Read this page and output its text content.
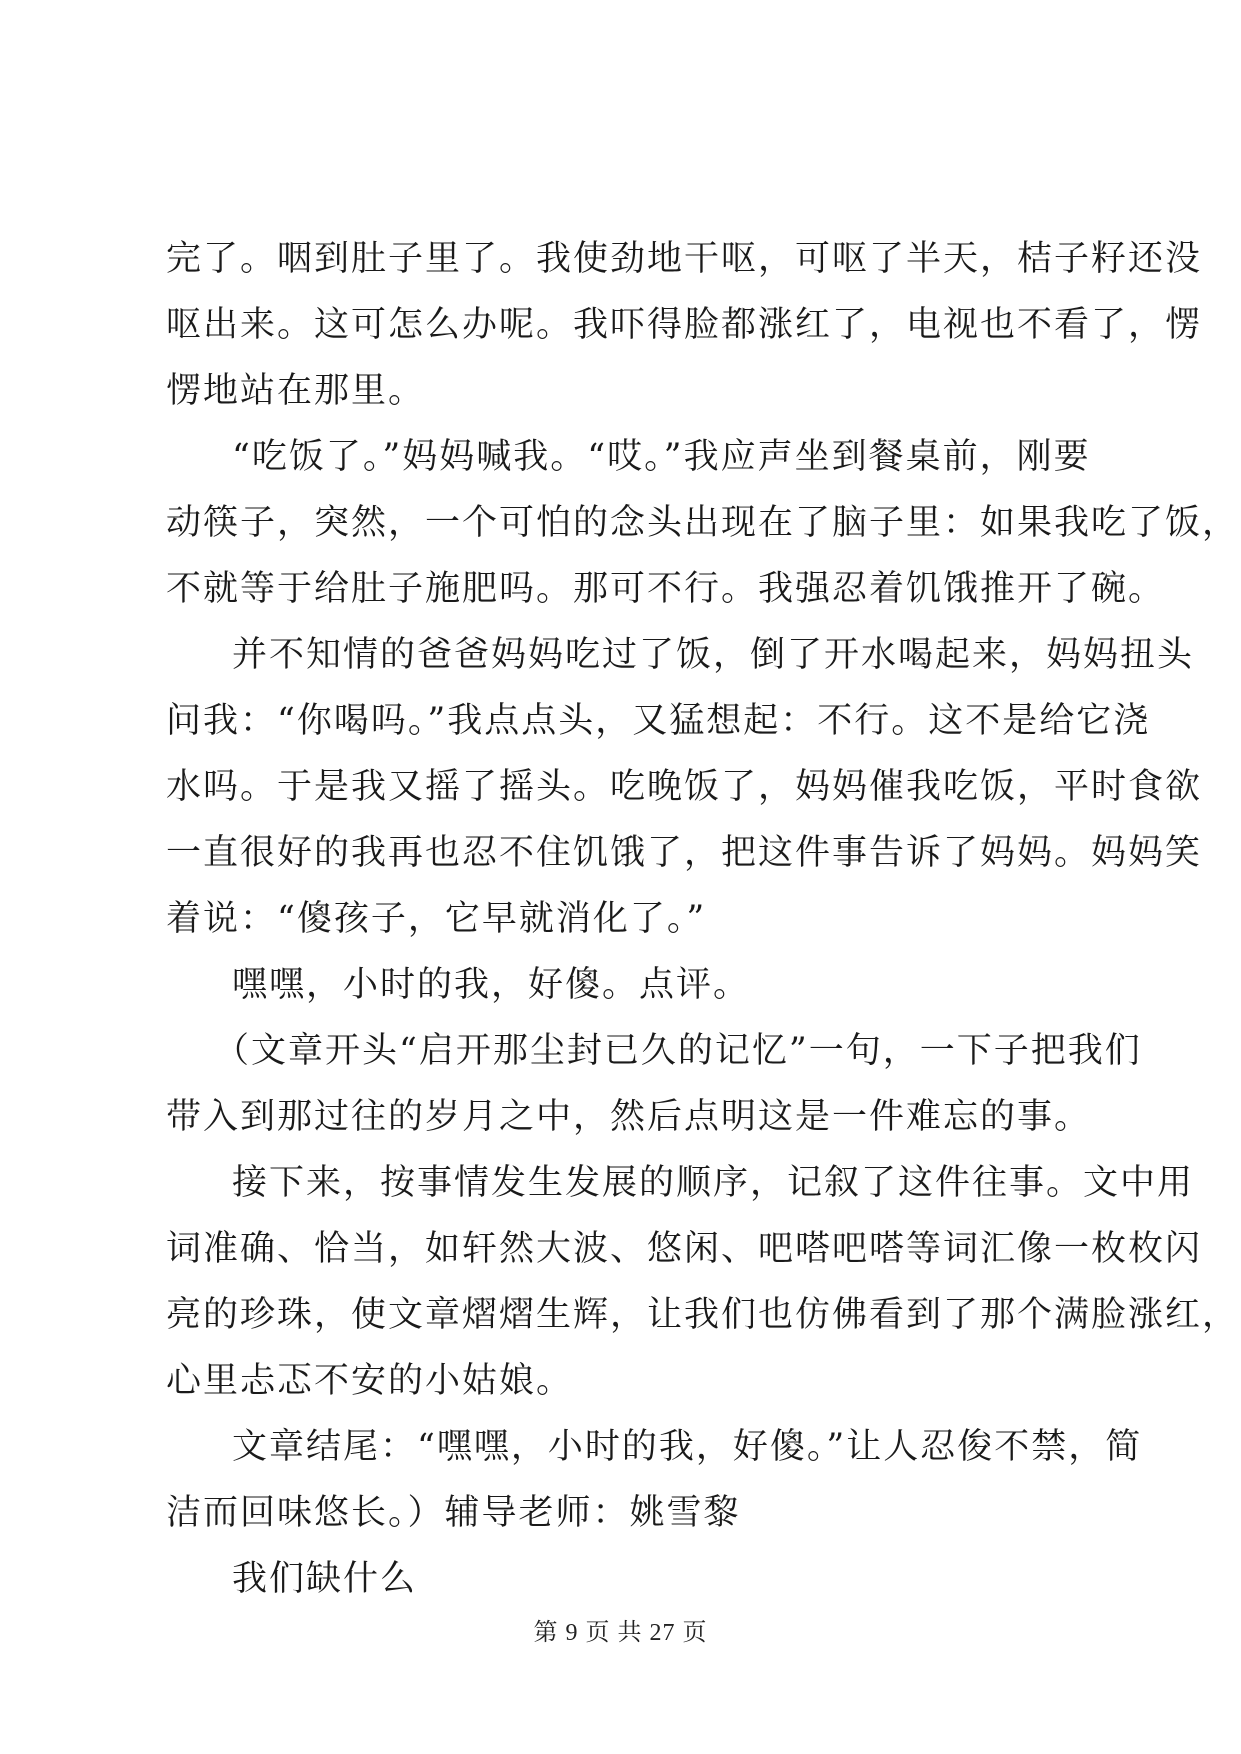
完了。咽到肚子里了。我使劲地干呕，可呕了半天，桔子籽还没
呕出来。这可怎么办呢。我吓得脸都涨红了，电视也不看了，愣
愣地站在那里。
“吃饭了。”妈妈喊我。“哎。”我应声坐到餐桌前，刚要
动筷子，突然，一个可怕的念头出现在了脑子里：如果我吃了饭，
不就等于给肚子施肥吗。那可不行。我强忍着饥饿推开了碗。
并不知情的爸爸妈妈吃过了饭，倒了开水喝起来，妈妈扭头
问我：“你喝吗。”我点点头，又猛想起：不行。这不是给它浇
水吗。于是我又摇了摇头。吃晚饭了，妈妈催我吃饭，平时食欲
一直很好的我再也忍不住饥饿了，把这件事告诉了妈妈。妈妈笑
着说：“傻孩子，它早就消化了。”
嘿嘿，小时的我，好傻。点评。
（文章开头“启开那尘封已久的记忆”一句，一下子把我们
带入到那过往的岁月之中，然后点明这是一件难忘的事。
接下来，按事情发生发展的顺序，记叙了这件往事。文中用
词准确、恰当，如轩然大波、悠闲、吧嗒吧嗒等词汇像一枚枚闪
亮的珍珠，使文章熠熠生辉，让我们也仿佛看到了那个满脸涨红，
心里忐忑不安的小姑娘。
文章结尾：“嘿嘿，小时的我，好傻。”让人忍俊不禁，简
洁而回味悠长。）辅导老师：姚雪黎
我们缺什么
第 9 页 共 27 页
